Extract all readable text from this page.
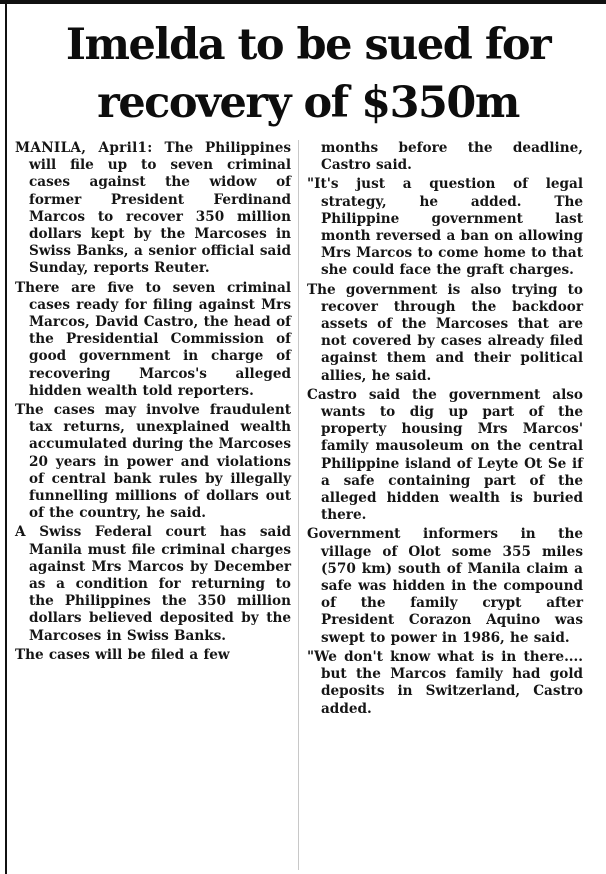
Imelda to be sued for
recovery of $350m

MANILA, April1: The Philippines will file up to seven criminal cases against the widow of former President Ferdinand Marcos to recover 350 million dollars kept by the Marcoses in Swiss Banks, a senior official said Sunday, reports Reuter.

There are five to seven criminal cases ready for filing against Mrs Marcos, David Castro, the head of the Presidential Commission of good government in charge of recovering Marcos's alleged hidden wealth told reporters.

The cases may involve fraudulent tax returns, unexplained wealth accumulated during the Marcoses 20 years in power and violations of central bank rules by illegally funnelling millions of dollars out of the country, he said.

A Swiss Federal court has said Manila must file criminal charges against Mrs Marcos by December as a condition for returning to the Philippines the 350 million dollars believed deposited by the Marcoses in Swiss Banks.

The cases will be filed a few

months before the deadline, Castro said.

"It's just a question of legal strategy, he added. The Philippine government last month reversed a ban on allowing Mrs Marcos to come home to that she could face the graft charges.

The government is also trying to recover through the backdoor assets of the Marcoses that are not covered by cases already filed against them and their political allies, he said.

Castro said the government also wants to dig up part of the property housing Mrs Marcos' family mausoleum on the central Philippine island of Leyte Ot Se if a safe containing part of the alleged hidden wealth is buried there.

Government informers in the village of Olot some 355 miles (570 km) south of Manila claim a safe was hidden in the compound of the family crypt after President Corazon Aquino was swept to power in 1986, he said.

"We don't know what is in there.... but the Marcos family had gold deposits in Switzerland, Castro added.
